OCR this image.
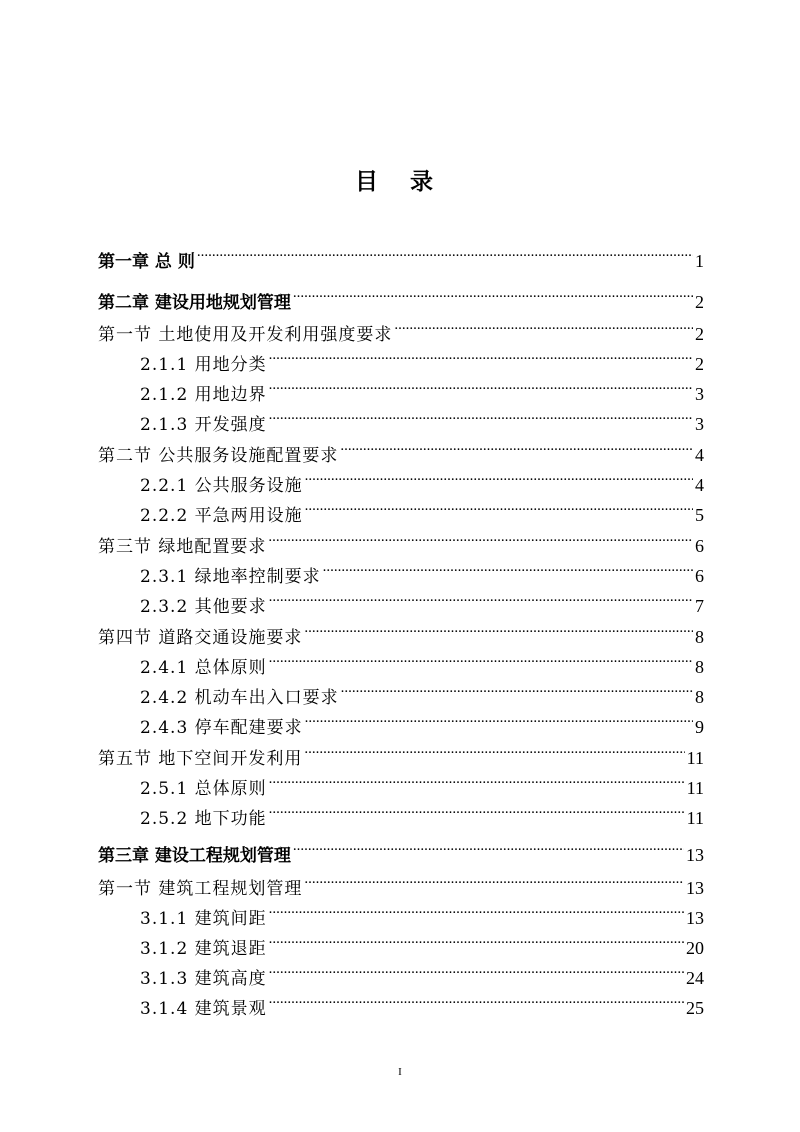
目 录
第一章 总 则 .....	1
第二章 建设用地规划管理 .....	2
第一节 土地使用及开发利用强度要求 .....	2
2.1.1 用地分类 .....	2
2.1.2 用地边界 .....	3
2.1.3 开发强度 .....	3
第二节 公共服务设施配置要求 .....	4
2.2.1 公共服务设施 .....	4
2.2.2 平急两用设施 .....	5
第三节 绿地配置要求 .....	6
2.3.1 绿地率控制要求 .....	6
2.3.2 其他要求 .....	7
第四节 道路交通设施要求 .....	8
2.4.1 总体原则 .....	8
2.4.2 机动车出入口要求 .....	8
2.4.3 停车配建要求 .....	9
第五节 地下空间开发利用 .....	11
2.5.1 总体原则 .....	11
2.5.2 地下功能 .....	11
第三章 建设工程规划管理 .....	13
第一节 建筑工程规划管理 .....	13
3.1.1 建筑间距 .....	13
3.1.2 建筑退距 .....	20
3.1.3 建筑高度 .....	24
3.1.4 建筑景观 .....	25
I
